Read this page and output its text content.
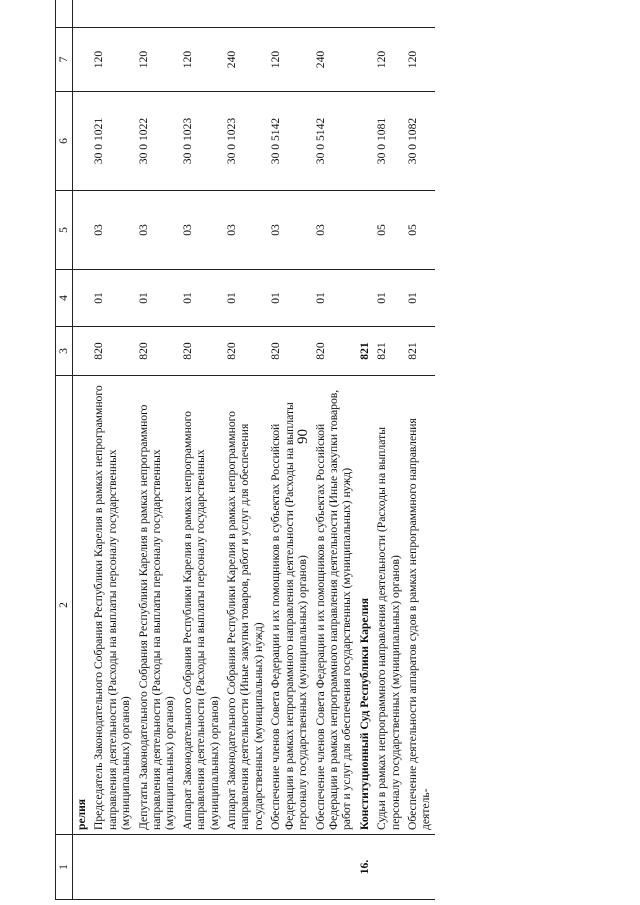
90
1	2	3	4	5	6	7		
	релия							
	Председатель Законодательного Собрания Республики Карелия в рамках непрограммного направления деятельности (Расходы на выплаты персоналу государственных (муниципальных) органов)	820	01	03	30 0 1021	120		
	Депутаты Законодательного Собрания Республики Карелия в рамках непрограммного направления деятельности (Расходы на выплаты персоналу государственных (муниципальных) органов)	820	01	03	30 0 1022	120		
	Аппарат Законодательного Собрания Республики Карелия в рамках непрограммного направления деятельности (Расходы на выплаты персоналу государственных (муниципальных) органов)	820	01	03	30 0 1023	120		
	Аппарат Законодательного Собрания Республики Карелия в рамках непрограммного направления деятельности (Иные закупки товаров, работ и услуг для обеспечения государственных (муниципальных) нужд)	820	01	03	30 0 1023	240		
	Обеспечение членов Совета Федерации и их помощников в субъектах Российской Федерации в рамках непрограммного направления деятельности (Расходы на выплаты персоналу государственных (муниципальных) органов)	820	01	03	30 0 5142	120		
	Обеспечение членов Совета Федерации и их помощников в субъектах Российской Федерации в рамках непрограммного направления деятельности (Иные закупки товаров, работ и услуг для обеспечения государственных (муниципальных) нужд)	820	01	03	30 0 5142	240		
16.	Конституционный Суд Республики Карелия	821						
	Судьи в рамках непрограммного направления деятельности (Расходы на выплаты персоналу государственных (муниципальных) органов)	821	01	05	30 0 1081	120		
	Обеспечение деятельности аппаратов судов в рамках непрограммного направления деятель-	821	01	05	30 0 1082	120		
